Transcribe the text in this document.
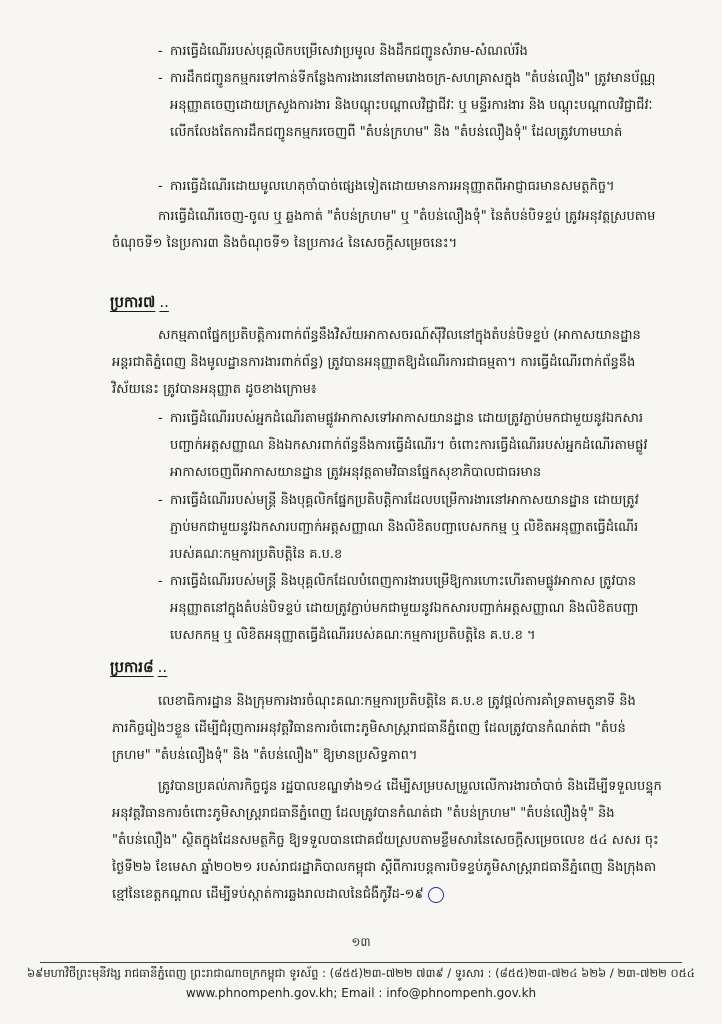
- ការធ្វើដំណើររបស់បុគ្គលិកបម្រើសេវាប្រមូល និងដឹកជញ្ជូនសំរាម-សំណល់រឹង
- ការដឹកជញ្ជូនកម្មករទៅកាន់ទីកន្លែងការងារនៅតាមរោងចក្រ-សហគ្រាសក្នុង "តំបន់លឿង" ត្រូវមានប័ណ្ណអនុញ្ញាតចេញដោយក្រសួងការងារ និងបណ្តុះបណ្តាលវិជ្ជាជីវៈ ឬ មន្ទីរការងារ និង បណ្តុះបណ្តាលវិជ្ជាជីវៈ លើកលែងតែការដឹកជញ្ជូនកម្មករចេញពី "តំបន់ក្រហម" និង "តំបន់លឿងទុំ" ដែលត្រូវហាមឃាត់
- ការធ្វើដំណើរដោយមូលហេតុចាំបាច់ផ្សេងទៀតដោយមានការអនុញ្ញាតពីអាជ្ញាធរមានសមត្ថកិច្ច។
ការធ្វើដំណើរចេញ-ចូល ឬ ឆ្លងកាត់ "តំបន់ក្រហម" ឬ "តំបន់លឿងទុំ" នៃតំបន់បិទខ្ទប់ ត្រូវអនុវត្តស្របតាមចំណុចទី១ នៃប្រការ៣ និងចំណុចទី១ នៃប្រការ៤ នៃសេចក្តីសម្រេចនេះ។
ប្រការ៧ ..
សកម្មភាពផ្នែកប្រតិបត្តិការពាក់ព័ន្ធនឹងវិស័យអាកាសចរណ៍ស៊ីវិលនៅក្នុងតំបន់បិទខ្ទប់ (អាកាសយានដ្ឋានអន្តរជាតិភ្នំពេញ និងមូលដ្ឋានការងារពាក់ព័ន្ធ) ត្រូវបានអនុញ្ញាតឱ្យដំណើរការជាធម្មតា។ ការធ្វើដំណើរពាក់ព័ន្ធនឹងវិស័យនេះ ត្រូវបានអនុញ្ញាត ដូចខាងក្រោម៖
- ការធ្វើដំណើររបស់អ្នកដំណើរតាមផ្លូវអាកាសទៅអាកាសយានដ្ឋាន ដោយត្រូវភ្ជាប់មកជាមួយនូវឯកសារបញ្ជាក់អត្តសញ្ញាណ និងឯកសារពាក់ព័ន្ធនឹងការធ្វើដំណើរ។ ចំពោះការធ្វើដំណើររបស់អ្នកដំណើរតាមផ្លូវអាកាសចេញពីអាកាសយានដ្ឋាន ត្រូវអនុវត្តតាមវិធានផ្នែកសុខាភិបាលជាធរមាន
- ការធ្វើដំណើររបស់មន្ត្រី និងបុគ្គលិកផ្នែកប្រតិបត្តិការដែលបម្រើការងារនៅអាកាសយានដ្ឋាន ដោយត្រូវភ្ជាប់មកជាមួយនូវឯកសារបញ្ជាក់អត្តសញ្ញាណ និងលិខិតបញ្ជាបេសកកម្ម ឬ លិខិតអនុញ្ញាតធ្វើដំណើររបស់គណៈកម្មការប្រតិបត្តិនៃ គ.ប.ខ
- ការធ្វើដំណើររបស់មន្ត្រី និងបុគ្គលិកដែលបំពេញការងារបម្រើឱ្យការហោះហើរតាមផ្លូវអាកាស ត្រូវបានអនុញ្ញាតនៅក្នុងតំបន់បិទខ្ទប់ ដោយត្រូវភ្ជាប់មកជាមួយនូវឯកសារបញ្ជាក់អត្តសញ្ញាណ និងលិខិតបញ្ជាបេសកកម្ម ឬ លិខិតអនុញ្ញាតធ្វើដំណើររបស់គណៈកម្មការប្រតិបត្តិនៃ គ.ប.ខ ។
ប្រការ៨ ..
លេខាធិការដ្ឋាន និងក្រុមការងារចំណុះគណៈកម្មការប្រតិបត្តិនៃ គ.ប.ខ ត្រូវផ្តល់ការគាំទ្រតាមតួនាទី និងភារកិច្ចរៀងៗខ្លួន ដើម្បីជំរុញការអនុវត្តវិធានការចំពោះភូមិសាស្ត្ររាជធានីភ្នំពេញ ដែលត្រូវបានកំណត់ជា "តំបន់ក្រហម" "តំបន់លឿងទុំ" និង "តំបន់លឿង" ឱ្យមានប្រសិទ្ធភាព។
ត្រូវបានប្រគល់ភារកិច្ចជូន រដ្ឋបាលខណ្ឌទាំង១៤ ដើម្បីសម្របសម្រួលលើការងារចាំបាច់ និងដើម្បីទទួលបន្ទុកអនុវត្តវិធានការចំពោះភូមិសាស្ត្ររាជធានីភ្នំពេញ ដែលត្រូវបានកំណត់ជា "តំបន់ក្រហម" "តំបន់លឿងទុំ" និង "តំបន់លឿង" ស្ថិតក្នុងដែនសមត្ថកិច្ច ឱ្យទទួលបានជោគជ័យស្របតាមខ្លឹមសារនៃសេចក្តីសម្រេចលេខ ៥៤ សសរ ចុះថ្ងៃទី២៦ ខែមេសា ឆ្នាំ២០២១ របស់រាជរដ្ឋាភិបាលកម្ពុជា ស្តីពីការបន្តការបិទខ្ទប់ភូមិសាស្ត្ររាជធានីភ្នំពេញ និងក្រុងតាខ្មៅនៃខេត្តកណ្តាល ដើម្បីទប់ស្កាត់ការឆ្លងរាលដាលនៃជំងឺកូវីដ-១៩
១៣
៦៩មហាវិថីព្រះមុនីវង្ស រាជធានីភ្នំពេញ ព្រះរាជាណាចក្រកម្ពុជា ទូរស័ព្ទ : (៨៥៥)២៣-៧២២ ៧៣៩ / ទូរសារ : (៨៥៥)២៣-៧២៤ ៦២៦ / ២៣-៧២២ ០៥៤
www.phnompenh.gov.kh; Email : info@phnompenh.gov.kh
